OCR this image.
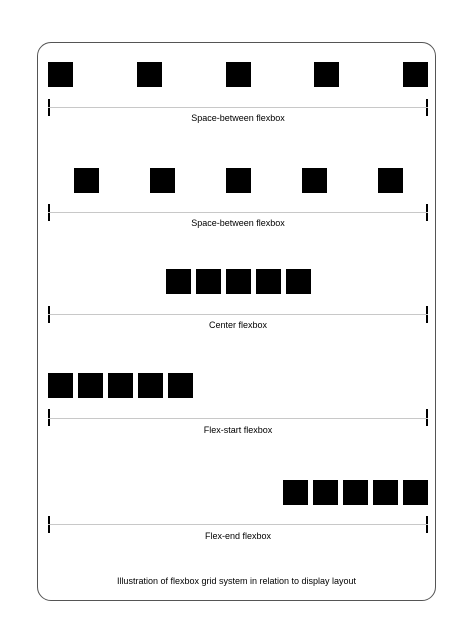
Space-between flexbox
Space-between flexbox
Center flexbox
Flex-start flexbox
Flex-end flexbox
Illustration of flexbox grid system in relation to display layout
